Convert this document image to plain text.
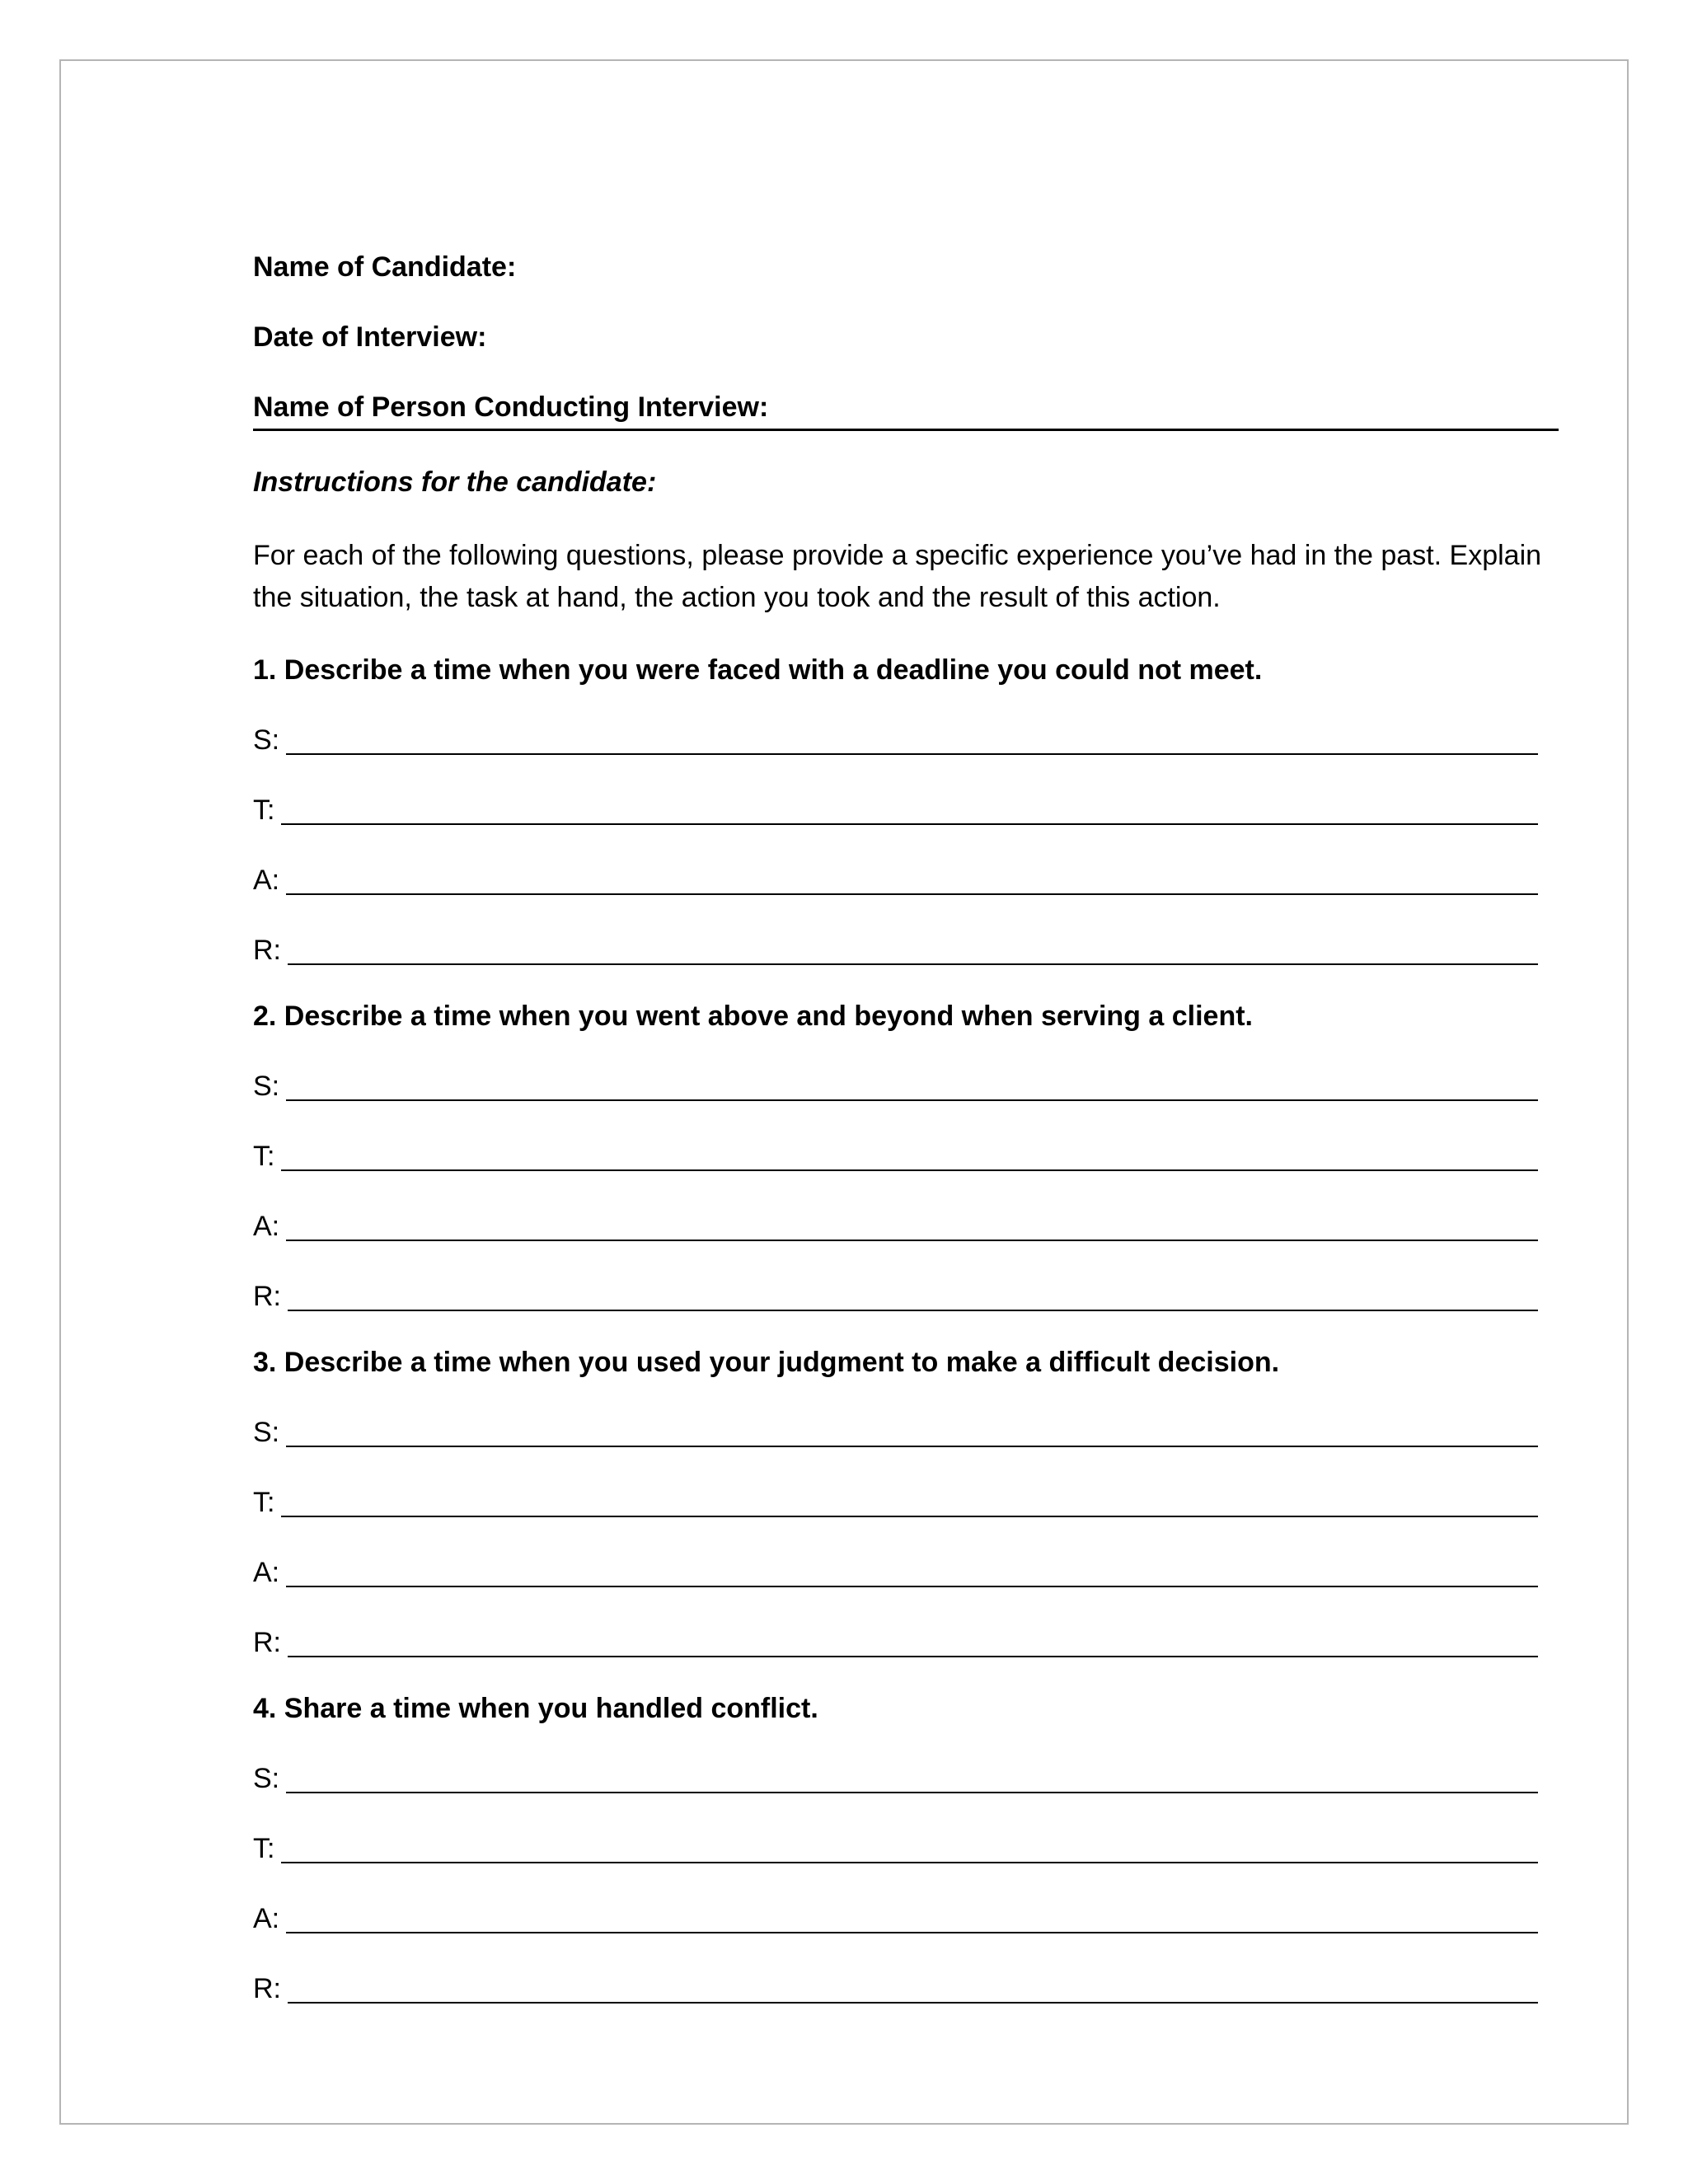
Name of Candidate:
Date of Interview:
Name of Person Conducting Interview:
Instructions for the candidate:
For each of the following questions, please provide a specific experience you’ve had in the past. Explain the situation, the task at hand, the action you took and the result of this action.
1. Describe a time when you were faced with a deadline you could not meet.
S:
T:
A:
R:
2. Describe a time when you went above and beyond when serving a client.
S:
T:
A:
R:
3. Describe a time when you used your judgment to make a difficult decision.
S:
T:
A:
R:
4. Share a time when you handled conflict.
S:
T:
A:
R:
